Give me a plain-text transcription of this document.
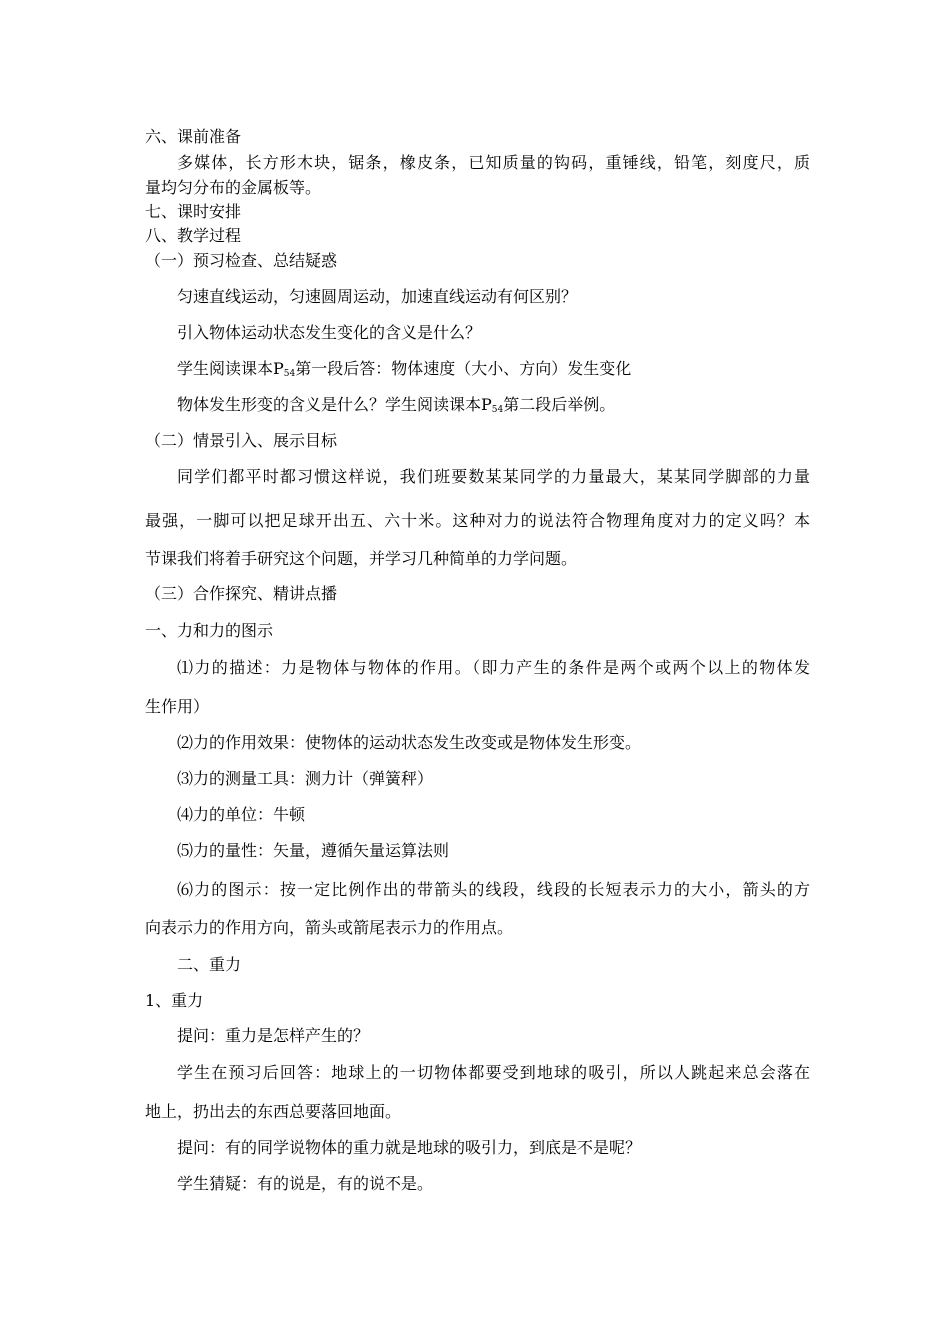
六、课前准备
多媒体，长方形木块，锯条，橡皮条，已知质量的钩码，重锤线，铅笔，刻度尺，质
量均匀分布的金属板等。
七、课时安排
八、教学过程
（一）预习检查、总结疑惑
匀速直线运动，匀速圆周运动，加速直线运动有何区别？
引入物体运动状态发生变化的含义是什么？
学生阅读课本$P_{54}$第一段后答：物体速度（大小、方向）发生变化
物体发生形变的含义是什么？学生阅读课本$P_{54}$第二段后举例。
（二）情景引入、展示目标
同学们都平时都习惯这样说，我们班要数某某同学的力量最大，某某同学脚部的力量
最强，一脚可以把足球开出五、六十米。这种对力的说法符合物理角度对力的定义吗？本
节课我们将着手研究这个问题，并学习几种简单的力学问题。
（三）合作探究、精讲点播
一、力和力的图示
⑴力的描述：力是物体与物体的作用。（即力产生的条件是两个或两个以上的物体发
生作用）
⑵力的作用效果：使物体的运动状态发生改变或是物体发生形变。
⑶力的测量工具：测力计（弹簧秤）
⑷力的单位：牛顿
⑸力的量性：矢量，遵循矢量运算法则
⑹力的图示：按一定比例作出的带箭头的线段，线段的长短表示力的大小，箭头的方
向表示力的作用方向，箭头或箭尾表示力的作用点。
二、重力
1、重力
提问：重力是怎样产生的？
学生在预习后回答：地球上的一切物体都要受到地球的吸引，所以人跳起来总会落在
地上，扔出去的东西总要落回地面。
提问：有的同学说物体的重力就是地球的吸引力，到底是不是呢？
学生猜疑：有的说是，有的说不是。
